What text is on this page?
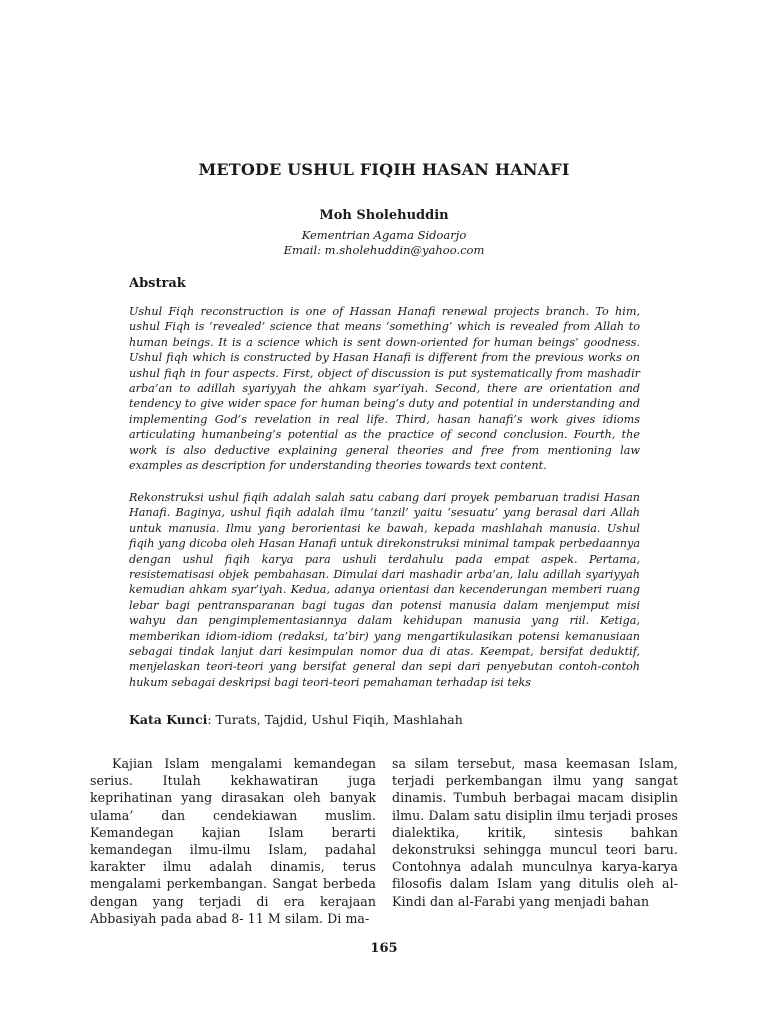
METODE USHUL FIQIH HASAN HANAFI
Moh Sholehuddin
Kementrian Agama Sidoarjo
Email: m.sholehuddin@yahoo.com
Abstrak

Ushul Fiqh reconstruction is one of Hassan Hanafi renewal projects branch. To him, ushul Fiqh is ‘revealed’ science that means ‘something’ which is revealed from Allah to human beings. It is a science which is sent down-oriented for human beings’ goodness. Ushul fiqh which is constructed by Hasan Hanafi is different from the previous works on ushul fiqh in four aspects. First, object of discussion is put systematically from mashadir arba’an to adillah syariyyah the ahkam syar’iyah. Second, there are orientation and tendency to give wider space for human being’s duty and potential in understanding and implementing God’s revelation in real life. Third, hasan hanafi’s work gives idioms articulating humanbeing’s potential as the practice of second conclusion. Fourth, the work is also deductive explaining general theories and free from mentioning law examples as description for understanding theories towards text content.

Rekonstruksi ushul fiqih adalah salah satu cabang dari proyek pembaruan tradisi Hasan Hanafi. Baginya, ushul fiqih adalah ilmu ‘tanzil’ yaitu ‘sesuatu’ yang berasal dari Allah untuk manusia. Ilmu yang berorientasi ke bawah, kepada mashlahah manusia. Ushul fiqih yang dicoba oleh Hasan Hanafi untuk direkonstruksi minimal tampak perbedaannya dengan ushul fiqih karya para ushuli terdahulu pada empat aspek. Pertama, resistematisasi objek pembahasan. Dimulai dari mashadir arba’an, lalu adillah syariyyah kemudian ahkam syar’iyah. Kedua, adanya orientasi dan kecenderungan memberi ruang lebar bagi pentransparanan bagi tugas dan potensi manusia dalam menjemput misi wahyu dan pengimplementasiannya dalam kehidupan manusia yang riil. Ketiga, memberikan idiom-idiom (redaksi, ta’bir) yang mengartikulasikan potensi kemanusiaan sebagai tindak lanjut dari kesimpulan nomor dua di atas. Keempat, bersifat deduktif, menjelaskan teori-teori yang bersifat general dan sepi dari penyebutan contoh-contoh hukum sebagai deskripsi bagi teori-teori pemahaman terhadap isi teks

Kata Kunci: Turats, Tajdid, Ushul Fiqih, Mashlahah

Kajian Islam mengalami kemandegan serius. Itulah kekhawatiran juga keprihatinan yang dirasakan oleh banyak ulama’ dan cendekiawan muslim. Kemandegan kajian Islam berarti kemandegan ilmu-ilmu Islam, padahal karakter ilmu adalah dinamis, terus mengalami perkembangan. Sangat berbeda dengan yang terjadi di era kerajaan Abbasiyah pada abad 8- 11 M silam. Di ma-

sa silam tersebut, masa keemasan Islam, terjadi perkembangan ilmu yang sangat dinamis. Tumbuh berbagai macam disiplin ilmu. Dalam satu disiplin ilmu terjadi proses dialektika, kritik, sintesis bahkan dekonstruksi sehingga muncul teori baru. Contohnya adalah munculnya karya-karya filosofis dalam Islam yang ditulis oleh al-Kindi dan al-Farabi yang menjadi bahan

165
